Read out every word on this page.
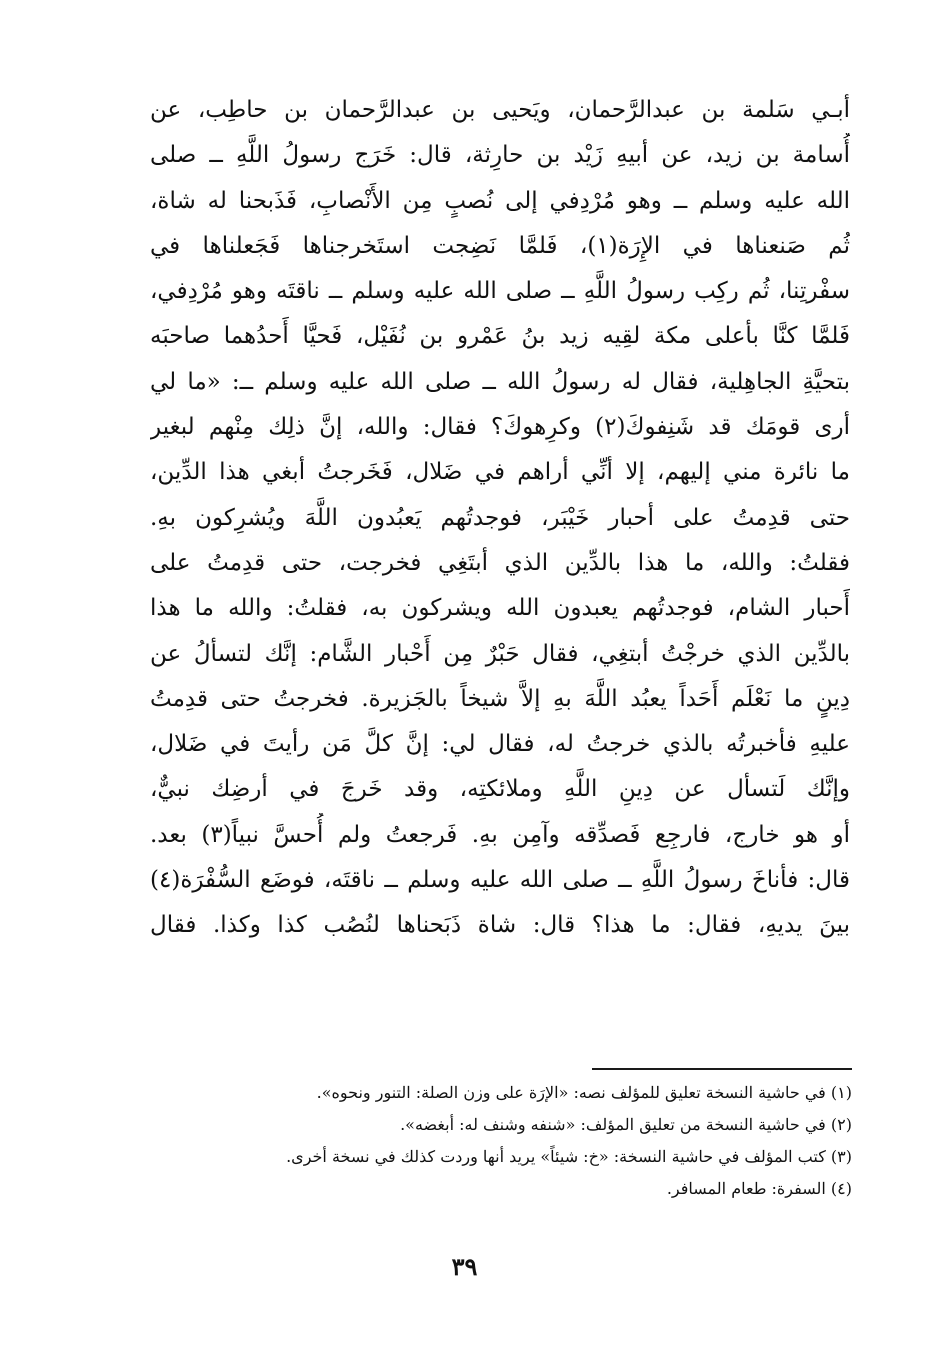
أبـي سَلمة بن عبدالرَّحمان، ويَحيى بن عبدالرَّحمان بن حاطِب، عن
أُسامة بن زيد، عن أبيهِ زَيْد بن حارِثة، قال: خَرَج رسولُ اللَّهِ ــ صلى
الله عليه وسلم ــ وهو مُرْدِفي إلى نُصبٍ مِن الأَنْصابِ، فَذَبحنا له شاة،
ثُم صَنعناها في الإِرَة(١)، فَلمَّا نَضِجت استَخرجناها فَجَعلناها في
سفْرتِنا، ثُم ركِب رسولُ اللَّهِ ــ صلى الله عليه وسلم ــ ناقتَه وهو مُرْدِفي،
فَلمَّا كنَّا بأعلى مكة لقِيه زيد بنُ عَمْرو بن نُفَيْل، فَحيَّا أَحدُهما صاحبَه
بتحيَّةِ الجاهِلية، فقال له رسولُ الله ــ صلى الله عليه وسلم ــ: «ما لي
أرى قومَك قد شَنِفوكَ(٢) وكرِهوكَ؟ فقال: والله، إنَّ ذلِك مِنْهم لبغير
ما نائرة مني إليهم، إلا أنِّي أراهم في ضَلال، فَخَرجتُ أبغي هذا الدِّين،
حتى قدِمتُ على أحبار خَيْبَر، فوجدتُهم يَعبُدون اللَّهَ ويُشرِكون بهِ.
فقلتُ: والله، ما هذا بالدِّين الذي أبتَغِي فخرجت، حتى قدِمتُ على
أَحبار الشام، فوجدتُهم يعبدون الله ويشركون به، فقلتُ: والله ما هذا
بالدِّين الذي خرجْتُ أبتغِي، فقال حَبْرٌ مِن أَحْبار الشَّام: إنَّك لتسألُ عن
دِينٍ ما نَعْلَم أَحَداً يعبُد اللَّهَ بهِ إلاَّ شيخاً بالجَزيرة. فخرجتُ حتى قدِمتُ
عليهِ فأخبرتُه بالذي خرجتُ له، فقال لي: إنَّ كلَّ مَن رأيتَ في ضَلال،
وإنَّك لَتسأل عن دِينِ اللَّهِ وملائكتِه، وقد خَرجَ في أرضِك نبيٌّ،
أو هو خارج، فارجِع فَصدِّقه وآمِن بهِ. فَرجعتُ ولم أُحسَّ نبياً(٣) بعد.
قال: فأناخَ رسولُ اللَّهِ ــ صلى الله عليه وسلم ــ ناقتَه، فوضَع السُّفْرَة(٤)
بينَ يديهِ، فقال: ما هذا؟ قال: شاة ذَبَحناها لنُصُب كذا وكذا. فقال
(١) في حاشية النسخة تعليق للمؤلف نصه: «الإرَة على وزن الصلة: التنور ونحوه».
(٢) في حاشية النسخة من تعليق المؤلف: «شنفه وشنف له: أبغضه».
(٣) كتب المؤلف في حاشية النسخة: «خ: شيئاً» يريد أنها وردت كذلك في نسخة أخرى.
(٤) السفرة: طعام المسافر.
٣٩
